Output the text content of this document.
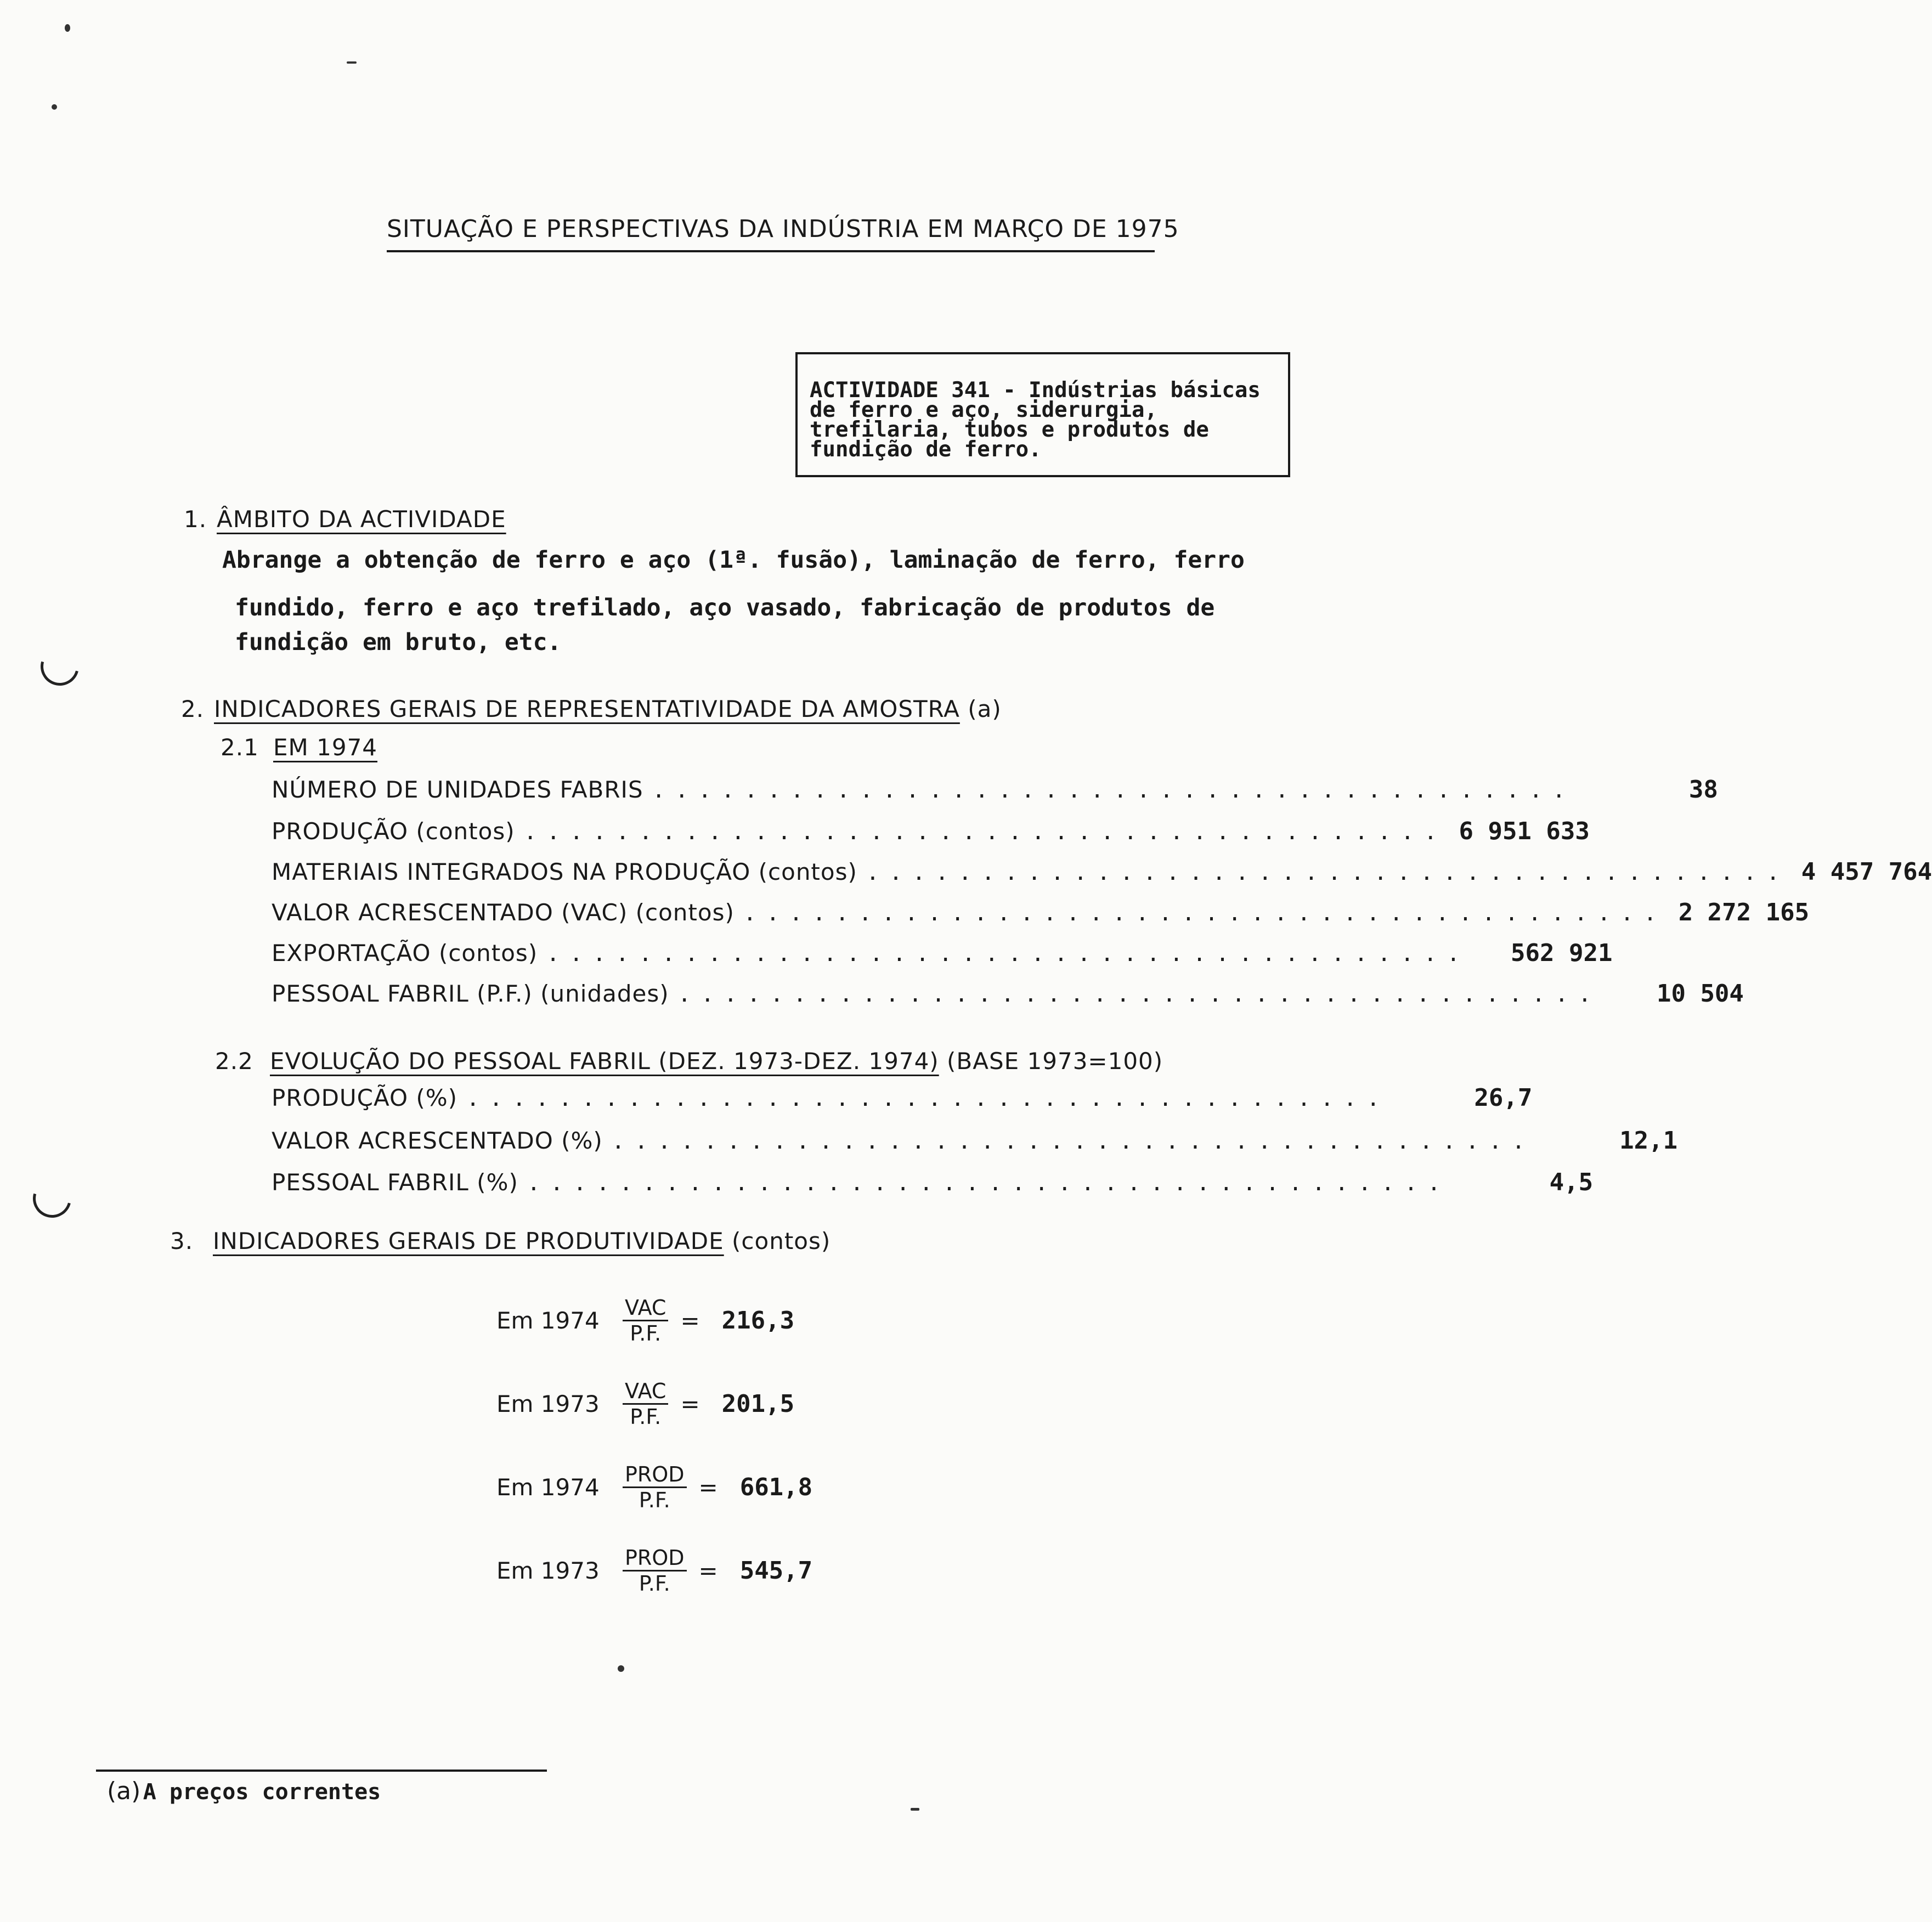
SITUAÇÃO E PERSPECTIVAS DA INDÚSTRIA EM MARÇO DE 1975

ACTIVIDADE 341 - Indústrias básicas de ferro e aço, siderurgia, trefilaria, tubos e produtos de fundição de ferro.

1. ÂMBITO DA ACTIVIDADE
Abrange a obtenção de ferro e aço (1ª. fusão), laminação de ferro, ferro
fundido, ferro e aço trefilado, aço vasado, fabricação de produtos de
fundição em bruto, etc.
2. INDICADORES GERAIS DE REPRESENTATIVIDADE DA AMOSTRA (a)
2.1 EM 1974
NÚMERO DE UNIDADES FABRIS ........................................	38
PRODUÇÃO (contos) ........................................ 6 951 633
MATERIAIS INTEGRADOS NA PRODUÇÃO (contos) ........................................ 4 457 764
VALOR ACRESCENTADO (VAC) (contos) ........................................ 2 272 165
EXPORTAÇÃO (contos) ........................................	562 921
PESSOAL FABRIL (P.F.) (unidades) ........................................	10 504
2.2 EVOLUÇÃO DO PESSOAL FABRIL (DEZ. 1973-DEZ. 1974) (BASE 1973=100)
PRODUÇÃO (%) ........................................	26,7
VALOR ACRESCENTADO (%) ........................................	12,1
PESSOAL FABRIL (%) ........................................	4,5
3. INDICADORES GERAIS DE PRODUTIVIDADE (contos)
Em 1974	$\frac{\text{VAC}}{P.F.} = 216,3$
Em 1973	$\frac{\text{VAC}}{P.F.} = 201,5$
Em 1974	$\frac{\text{PROD}}{P.F.} = 661,8$
Em 1973	$\frac{\text{PROD}}{P.F.} = 545,7$
(a) A preços correntes
